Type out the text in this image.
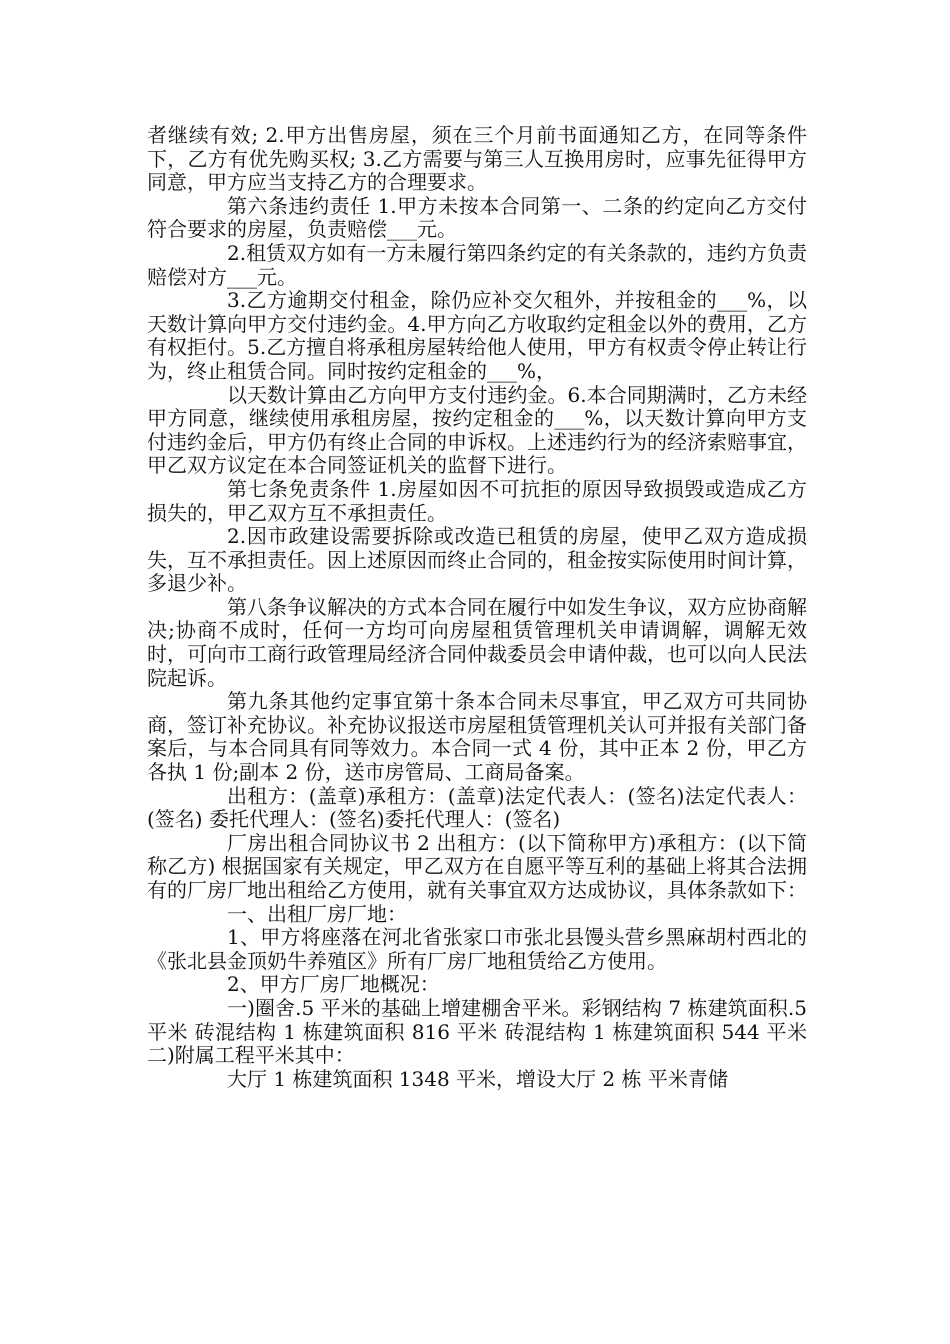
者继续有效; 2.甲方出售房屋，须在三个月前书面通知乙方，在同等条件下，乙方有优先购买权; 3.乙方需要与第三人互换用房时，应事先征得甲方同意，甲方应当支持乙方的合理要求。

第六条违约责任 1.甲方未按本合同第一、二条的约定向乙方交付符合要求的房屋，负责赔偿___元。

2.租赁双方如有一方未履行第四条约定的有关条款的，违约方负责赔偿对方___元。

3.乙方逾期交付租金，除仍应补交欠租外，并按租金的___%，以天数计算向甲方交付违约金。4.甲方向乙方收取约定租金以外的费用，乙方有权拒付。5.乙方擅自将承租房屋转给他人使用，甲方有权责令停止转让行为，终止租赁合同。同时按约定租金的___%，

以天数计算由乙方向甲方支付违约金。6.本合同期满时，乙方未经甲方同意，继续使用承租房屋，按约定租金的___%，以天数计算向甲方支付违约金后，甲方仍有终止合同的申诉权。上述违约行为的经济索赔事宜，甲乙双方议定在本合同签证机关的监督下进行。

第七条免责条件 1.房屋如因不可抗拒的原因导致损毁或造成乙方损失的，甲乙双方互不承担责任。

2.因市政建设需要拆除或改造已租赁的房屋，使甲乙双方造成损失，互不承担责任。因上述原因而终止合同的，租金按实际使用时间计算，多退少补。

第八条争议解决的方式本合同在履行中如发生争议，双方应协商解决;协商不成时，任何一方均可向房屋租赁管理机关申请调解，调解无效时，可向市工商行政管理局经济合同仲裁委员会申请仲裁，也可以向人民法院起诉。

第九条其他约定事宜第十条本合同未尽事宜，甲乙双方可共同协商，签订补充协议。补充协议报送市房屋租赁管理机关认可并报有关部门备案后，与本合同具有同等效力。本合同一式 4 份，其中正本 2 份，甲乙方各执 1 份;副本 2 份，送市房管局、工商局备案。

出租方：(盖章)承租方：(盖章)法定代表人：(签名)法定代表人：(签名) 委托代理人：(签名)委托代理人：(签名)

厂房出租合同协议书 2 出租方：(以下简称甲方)承租方：(以下简称乙方) 根据国家有关规定，甲乙双方在自愿平等互利的基础上将其合法拥有的厂房厂地出租给乙方使用，就有关事宜双方达成协议，具体条款如下：

一、出租厂房厂地：

1、甲方将座落在河北省张家口市张北县馒头营乡黑麻胡村西北的《张北县金顶奶牛养殖区》所有厂房厂地租赁给乙方使用。

2、甲方厂房厂地概况：

一)圈舍.5 平米的基础上增建棚舍平米。彩钢结构 7 栋建筑面积.5 平米 砖混结构 1 栋建筑面积 816 平米 砖混结构 1 栋建筑面积 544 平米 二)附属工程平米其中：

大厅 1 栋建筑面积 1348 平米，增设大厅 2 栋 平米青储
